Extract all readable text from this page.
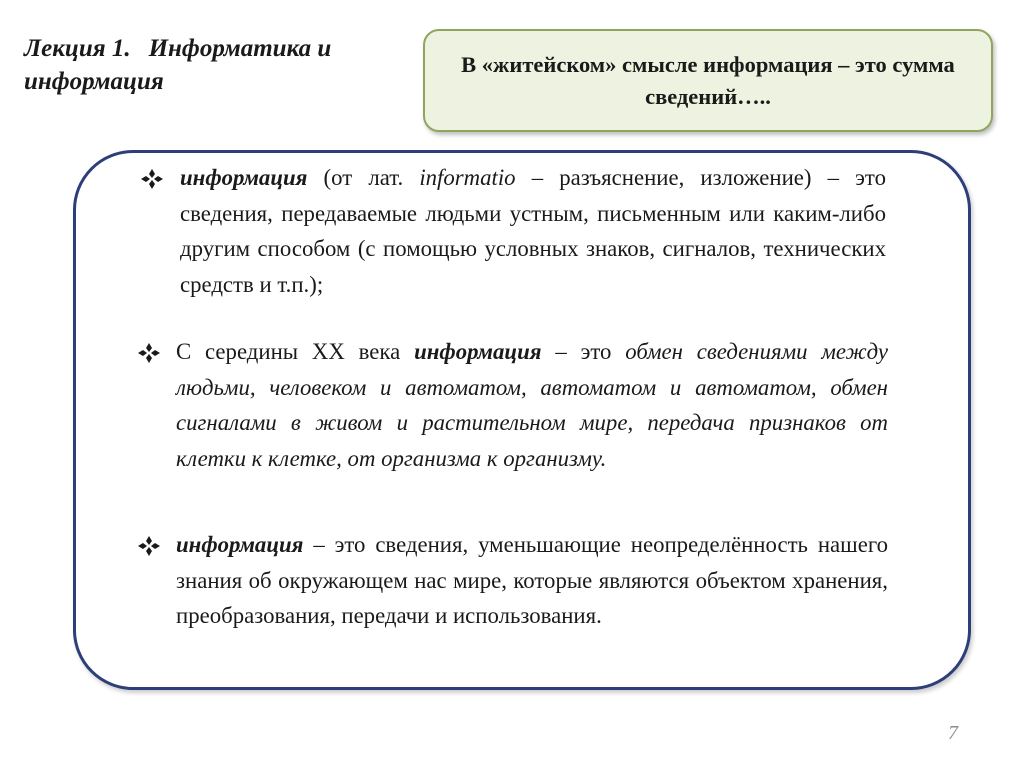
Лекция 1. Информатика и
информация
В «житейском» смысле информация – это сумма сведений…..
информация (от лат. informatio – разъяснение, изложение) – это сведения, передаваемые людьми устным, письменным или каким-либо другим способом (с помощью условных знаков, сигналов, технических средств и т.п.);
С середины XX века информация – это обмен сведениями между людьми, человеком и автоматом, автоматом и автоматом, обмен сигналами в живом и растительном мире, передача признаков от клетки к клетке, от организма к организму.
информация – это сведения, уменьшающие неопределённость нашего знания об окружающем нас мире, которые являются объектом хранения, преобразования, передачи и использования.
7
